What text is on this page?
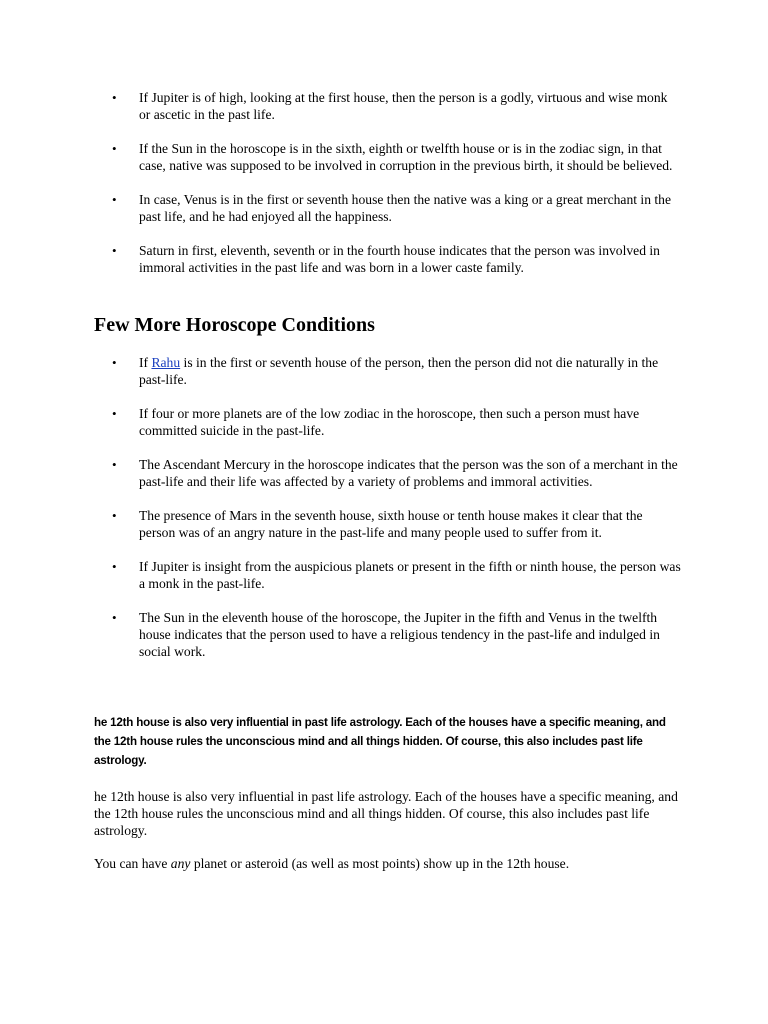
• If Jupiter is of high, looking at the first house, then the person is a godly, virtuous and wise monk or ascetic in the past life.
• If the Sun in the horoscope is in the sixth, eighth or twelfth house or is in the zodiac sign, in that case, native was supposed to be involved in corruption in the previous birth, it should be believed.
• In case, Venus is in the first or seventh house then the native was a king or a great merchant in the past life, and he had enjoyed all the happiness.
• Saturn in first, eleventh, seventh or in the fourth house indicates that the person was involved in immoral activities in the past life and was born in a lower caste family.
Few More Horoscope Conditions
• If Rahu is in the first or seventh house of the person, then the person did not die naturally in the past-life.
• If four or more planets are of the low zodiac in the horoscope, then such a person must have committed suicide in the past-life.
• The Ascendant Mercury in the horoscope indicates that the person was the son of a merchant in the past-life and their life was affected by a variety of problems and immoral activities.
• The presence of Mars in the seventh house, sixth house or tenth house makes it clear that the person was of an angry nature in the past-life and many people used to suffer from it.
• If Jupiter is insight from the auspicious planets or present in the fifth or ninth house, the person was a monk in the past-life.
• The Sun in the eleventh house of the horoscope, the Jupiter in the fifth and Venus in the twelfth house indicates that the person used to have a religious tendency in the past-life and indulged in social work.

he 12th house is also very influential in past life astrology. Each of the houses have a specific meaning, and the 12th house rules the unconscious mind and all things hidden. Of course, this also includes past life astrology.

he 12th house is also very influential in past life astrology. Each of the houses have a specific meaning, and the 12th house rules the unconscious mind and all things hidden. Of course, this also includes past life astrology.

You can have any planet or asteroid (as well as most points) show up in the 12th house.
